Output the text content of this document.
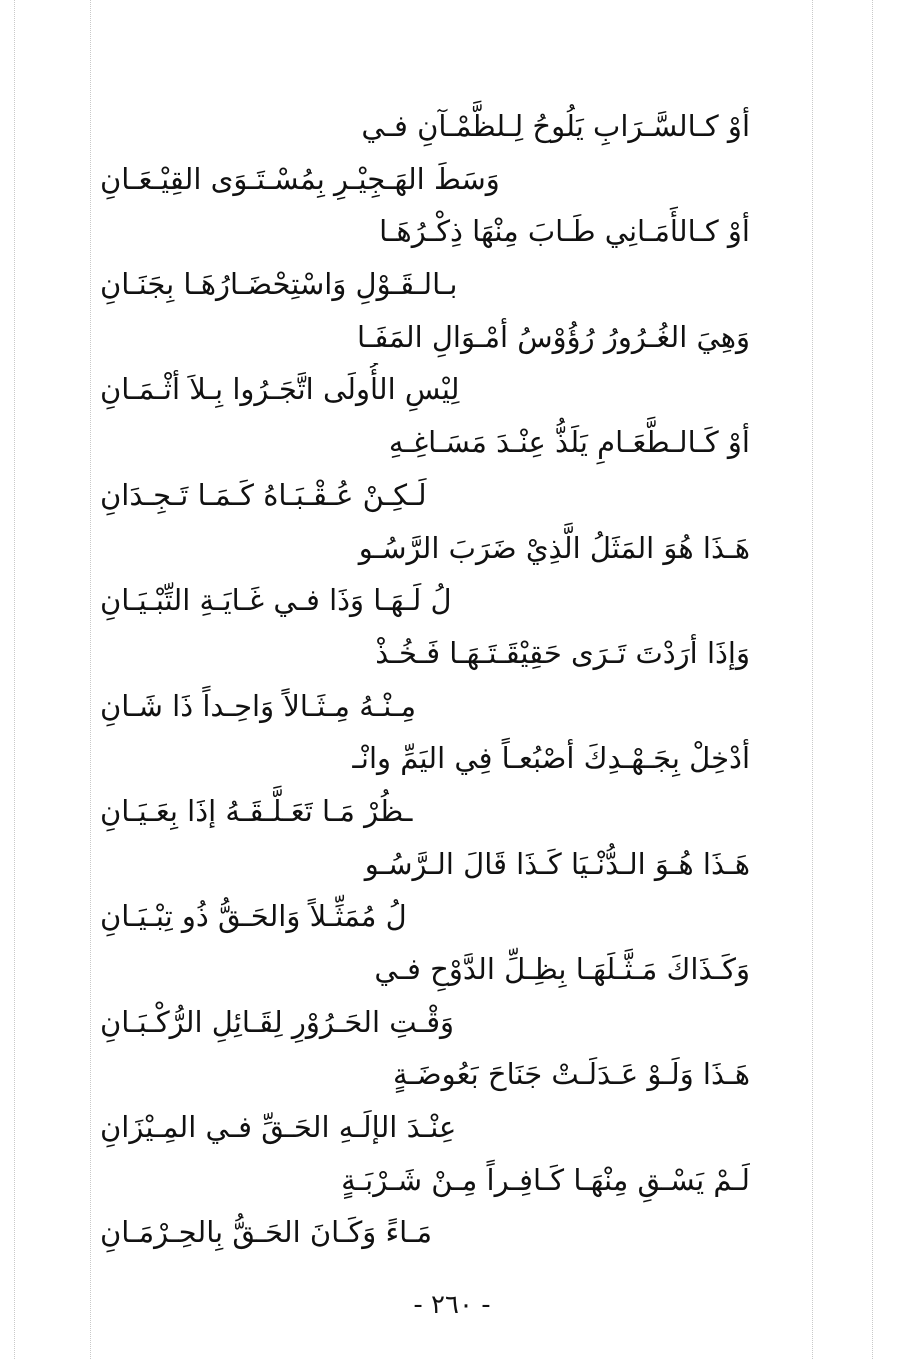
أوْ كـالسَّـرَابِ يَلُوحُ لِـلظَّمْـآنِ فـي
وَسَطَ الهَـجِيْـرِ بِمُسْـتَـوَى القِيْـعَـانِ
أوْ كـالأَمَـانِي طَـابَ مِنْهَا ذِكْـرُهَـا
بـالـقَـوْلِ وَاسْتِحْضَـارُهَـا بِجَنَـانِ
وَهِيَ الغُـرُورُ رُؤُوْسُ أمْـوَالِ المَفَـا
لِيْسِ الأُولَى اتَّجَـرُوا بِـلاَ أثْـمَـانِ
أوْ كَـالـطَّعَـامِ يَلَذُّ عِنْـدَ مَسَـاغِـهِ
لَـكِـنْ عُـقْـبَـاهُ كَـمَـا تَـجِـدَانِ
هَـذَا هُوَ المَثَلُ الَّذِيْ ضَرَبَ الرَّسُـو
لُ لَـهَـا وَذَا فـي غَـايَـةِ التِّبْـيَـانِ
وَإذَا أرَدْتَ تَـرَى حَقِيْقَـتَـهَـا فَـخُـذْ
مِـنْـهُ مِـثَـالاً وَاحِـداً ذَا شَـانِ
أدْخِلْ بِجَـهْـدِكَ أصْبُعـاً فِي اليَمِّ وانْـ
ـظُرْ مَـا تَعَـلَّـقَـهُ إذَا بِعَـيَـانِ
هَـذَا هُـوَ الـدُّنْـيَا كَـذَا قَالَ الـرَّسُـو
لُ مُمَثِّـلاً وَالحَـقُّ ذُو تِبْـيَـانِ
وَكَـذَاكَ مَـثَّـلَهَـا بِظِـلِّ الدَّوْحِ فـي
وَقْـتِ الحَـرُوْرِ لِقَـائِلِ الرُّكْـبَـانِ
هَـذَا وَلَـوْ عَـدَلَـتْ جَنَاحَ بَعُوضَـةٍ
عِنْـدَ الإلَـهِ الحَـقِّ فـي المِـيْزَانِ
لَـمْ يَسْـقِ مِنْهَـا كَـافِـراً مِـنْ شَـرْبَـةٍ
مَـاءً وَكَـانَ الحَـقُّ بِالحِـرْمَـانِ
- ٢٦٠ -
